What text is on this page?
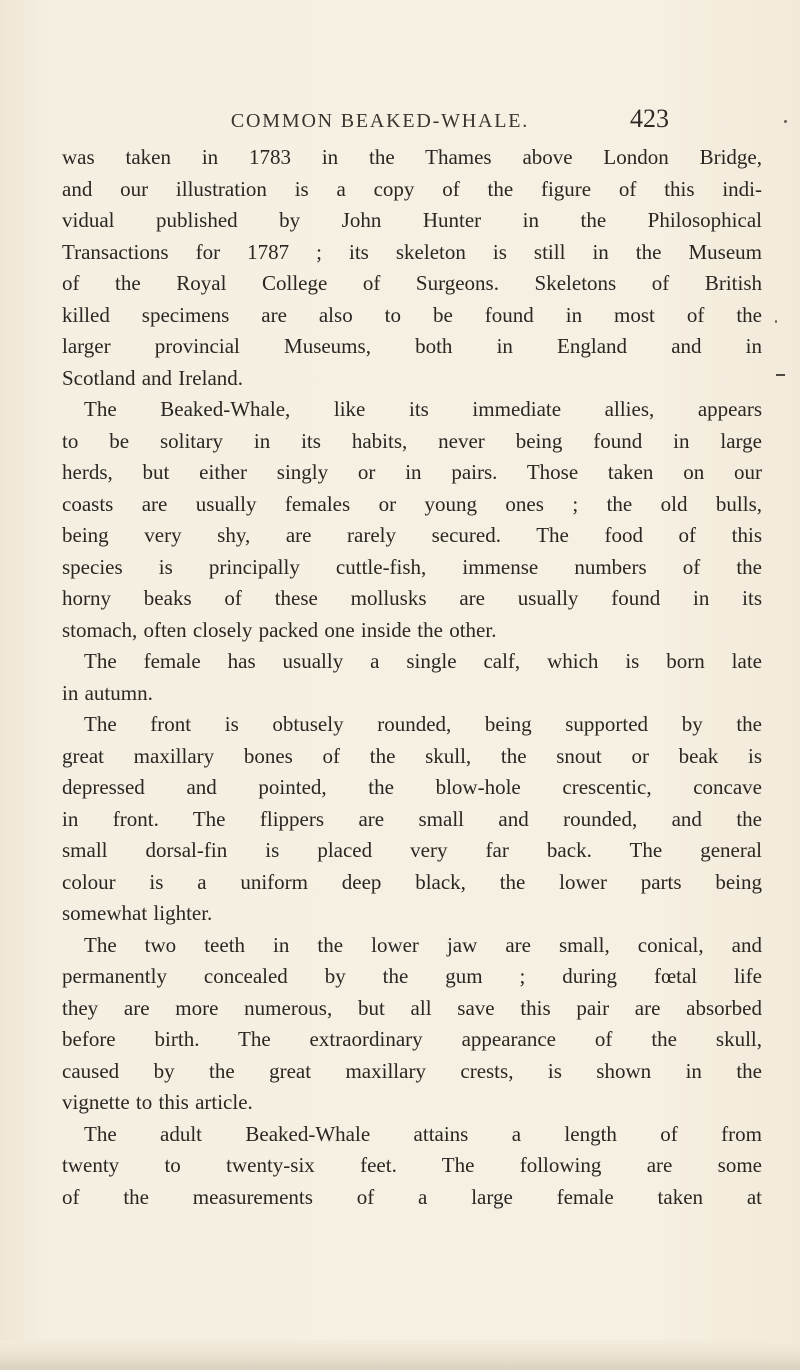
COMMON BEAKED-WHALE.	423
was taken in 1783 in the Thames above London Bridge,
and our illustration is a copy of the figure of this indi-
vidual published by John Hunter in the Philosophical
Transactions for 1787 ; its skeleton is still in the Museum
of the Royal College of Surgeons. Skeletons of British
killed specimens are also to be found in most of the
larger provincial Museums, both in England and in
Scotland and Ireland.
The Beaked-Whale, like its immediate allies, appears
to be solitary in its habits, never being found in large
herds, but either singly or in pairs. Those taken on our
coasts are usually females or young ones ; the old bulls,
being very shy, are rarely secured. The food of this
species is principally cuttle-fish, immense numbers of the
horny beaks of these mollusks are usually found in its
stomach, often closely packed one inside the other.
The female has usually a single calf, which is born late
in autumn.
The front is obtusely rounded, being supported by the
great maxillary bones of the skull, the snout or beak is
depressed and pointed, the blow-hole crescentic, concave
in front. The flippers are small and rounded, and the
small dorsal-fin is placed very far back. The general
colour is a uniform deep black, the lower parts being
somewhat lighter.
The two teeth in the lower jaw are small, conical, and
permanently concealed by the gum ; during fœtal life
they are more numerous, but all save this pair are absorbed
before birth. The extraordinary appearance of the skull,
caused by the great maxillary crests, is shown in the
vignette to this article.
The adult Beaked-Whale attains a length of from
twenty to twenty-six feet. The following are some
of the measurements of a large female taken at
